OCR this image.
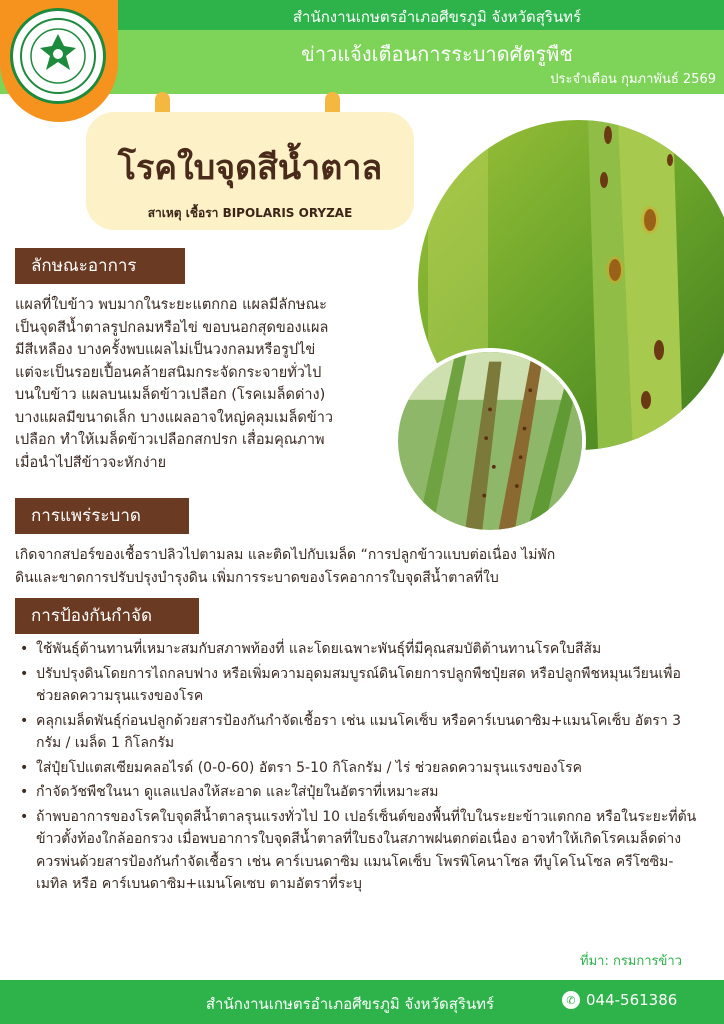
สำนักงานเกษตรอำเภอศีขรภูมิ จังหวัดสุรินทร์
ข่าวแจ้งเตือนการระบาดศัตรูพืช
ประจำเดือน กุมภาพันธ์ 2569
โรคใบจุดสีน้ำตาล
สาเหตุ เชื้อรา BIPOLARIS ORYZAE
ลักษณะอาการ
แผลที่ใบข้าว พบมากในระยะแตกกอ แผลมีลักษณะ
เป็นจุดสีน้ำตาลรูปกลมหรือไข่ ขอบนอกสุดของแผล
มีสีเหลือง บางครั้งพบแผลไม่เป็นวงกลมหรือรูปไข่
แต่จะเป็นรอยเปื้อนคล้ายสนิมกระจัดกระจายทั่วไป
บนใบข้าว แผลบนเมล็ดข้าวเปลือก (โรคเมล็ดด่าง)
บางแผลมีขนาดเล็ก บางแผลอาจใหญ่คลุมเมล็ดข้าว
เปลือก ทำให้เมล็ดข้าวเปลือกสกปรก เสื่อมคุณภาพ
เมื่อนำไปสีข้าวจะหักง่าย
การแพร่ระบาด
เกิดจากสปอร์ของเชื้อราปลิวไปตามลม และติดไปกับเมล็ด “การปลูกข้าวแบบต่อเนื่อง ไม่พัก
ดินและขาดการปรับปรุงบำรุงดิน เพิ่มการระบาดของโรคอาการใบจุดสีน้ำตาลที่ใบ
การป้องกันกำจัด
• ใช้พันธุ์ต้านทานที่เหมาะสมกับสภาพท้องที่ และโดยเฉพาะพันธุ์ที่มีคุณสมบัติต้านทานโรคใบสีส้ม
• ปรับปรุงดินโดยการไถกลบฟาง หรือเพิ่มความอุดมสมบูรณ์ดินโดยการปลูกพืชปุ๋ยสด หรือปลูกพืชหมุนเวียนเพื่อช่วยลดความรุนแรงของโรค
• คลุกเมล็ดพันธุ์ก่อนปลูกด้วยสารป้องกันกำจัดเชื้อรา เช่น แมนโคเซ็บ หรือคาร์เบนดาซิม+แมนโคเซ็บ อัตรา 3 กรัม / เมล็ด 1 กิโลกรัม
• ใส่ปุ๋ยโปแตสเซียมคลอไรด์ (0-0-60) อัตรา 5-10 กิโลกรัม / ไร่ ช่วยลดความรุนแรงของโรค
• กำจัดวัชพืชในนา ดูแลแปลงให้สะอาด และใส่ปุ๋ยในอัตราที่เหมาะสม
• ถ้าพบอาการของโรคใบจุดสีน้ำตาลรุนแรงทั่วไป 10 เปอร์เซ็นต์ของพื้นที่ใบในระยะข้าวแตกกอ หรือในระยะที่ต้นข้าวตั้งท้องใกล้ออกรวง เมื่อพบอาการใบจุดสีน้ำตาลที่ใบธงในสภาพฝนตกต่อเนื่อง อาจทำให้เกิดโรคเมล็ดด่าง ควรพ่นด้วยสารป้องกันกำจัดเชื้อรา เช่น คาร์เบนดาซิม แมนโคเซ็บ โพรพิโคนาโซล ทีบูโคโนโซล ครีโซซิม-เมทิล หรือ คาร์เบนดาซิม+แมนโคเซบ ตามอัตราที่ระบุ
ที่มา: กรมการข้าว
สำนักงานเกษตรอำเภอศีขรภูมิ จังหวัดสุรินทร์	✆ 044-561386
